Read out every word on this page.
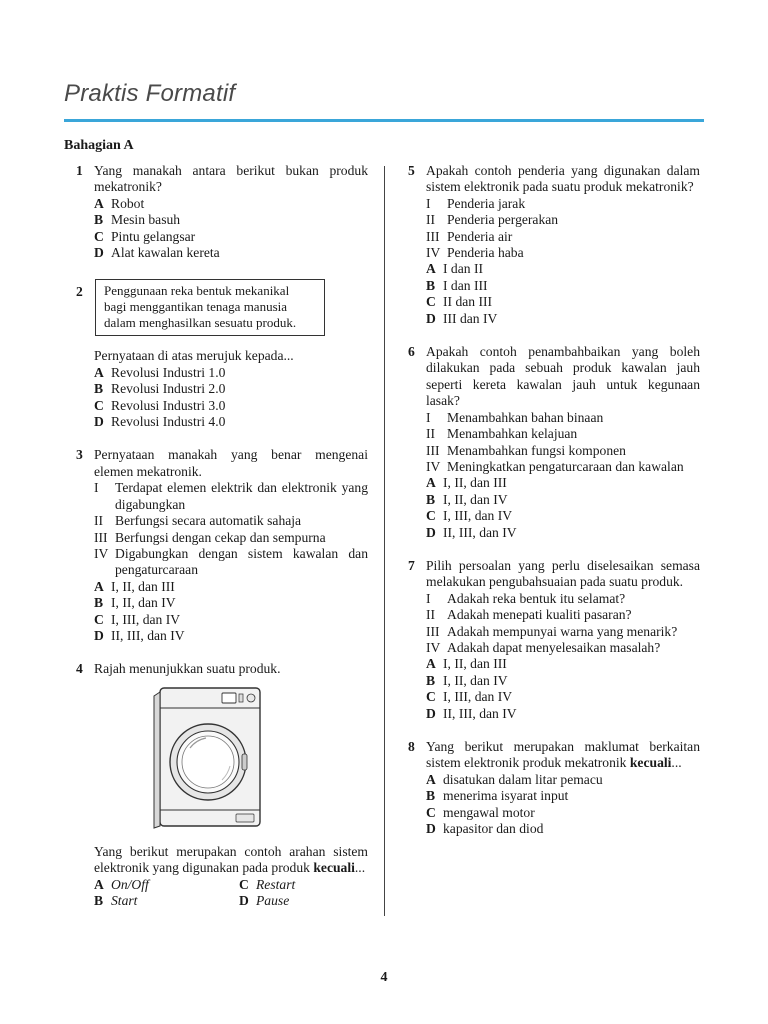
Praktis Formatif
Bahagian A
1 Yang manakah antara berikut bukan produk mekatronik?
A Robot
B Mesin basuh
C Pintu gelangsar
D Alat kawalan kereta
2 Penggunaan reka bentuk mekanikal
bagi menggantikan tenaga manusia
dalam menghasilkan sesuatu produk.
Pernyataan di atas merujuk kepada...
A Revolusi Industri 1.0
B Revolusi Industri 2.0
C Revolusi Industri 3.0
D Revolusi Industri 4.0
3 Pernyataan manakah yang benar mengenai elemen mekatronik.
I	Terdapat elemen elektrik dan elektronik yang digabungkan
II Berfungsi secara automatik sahaja
III Berfungsi dengan cekap dan sempurna
IV Digabungkan dengan sistem kawalan dan pengaturcaraan
A I, II, dan III
B I, II, dan IV
C I, III, dan IV
D II, III, dan IV
4 Rajah menunjukkan suatu produk.
Yang berikut merupakan contoh arahan sistem elektronik yang digunakan pada produk kecuali...
A On/Off	C Restart
B Start	D Pause
5 Apakah contoh penderia yang digunakan dalam sistem elektronik pada suatu produk mekatronik?
I	Penderia jarak
II Penderia pergerakan
III Penderia air
IV Penderia haba
A I dan II
B I dan III
C II dan III
D III dan IV
6 Apakah contoh penambahbaikan yang boleh dilakukan pada sebuah produk kawalan jauh seperti kereta kawalan jauh untuk kegunaan lasak?
I	Menambahkan bahan binaan
II Menambahkan kelajuan
III Menambahkan fungsi komponen
IV Meningkatkan pengaturcaraan dan kawalan
A I, II, dan III
B I, II, dan IV
C I, III, dan IV
D II, III, dan IV
7 Pilih persoalan yang perlu diselesaikan semasa melakukan pengubahsuaian pada suatu produk.
I	Adakah reka bentuk itu selamat?
II Adakah menepati kualiti pasaran?
III Adakah mempunyai warna yang menarik?
IV Adakah dapat menyelesaikan masalah?
A I, II, dan III
B I, II, dan IV
C I, III, dan IV
D II, III, dan IV
8 Yang berikut merupakan maklumat berkaitan sistem elektronik produk mekatronik kecuali...
A disatukan dalam litar pemacu
B menerima isyarat input
C mengawal motor
D kapasitor dan diod
4
